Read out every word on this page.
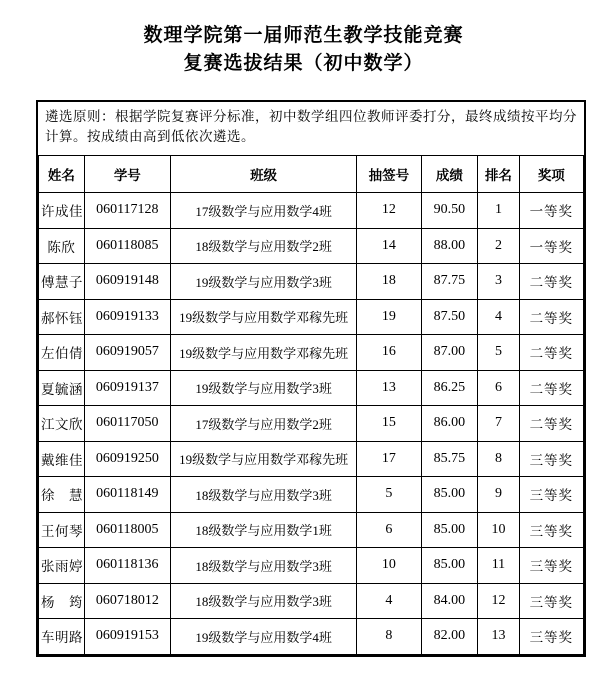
数理学院第一届师范生教学技能竞赛
复赛选拔结果（初中数学）

遴选原则：根据学院复赛评分标准，初中数学组四位教师评委打分，最终成绩按平均分计算。按成绩由高到低依次遴选。

姓名	学号	班级	抽签号	成绩	排名	奖项
许成佳	060117128	17级数学与应用数学4班	12	90.50	1	一等奖
陈欣	060118085	18级数学与应用数学2班	14	88.00	2	一等奖
傅慧子	060919148	19级数学与应用数学3班	18	87.75	3	二等奖
郝怀钰	060919133	19级数学与应用数学邓稼先班	19	87.50	4	二等奖
左伯倩	060919057	19级数学与应用数学邓稼先班	16	87.00	5	二等奖
夏毓涵	060919137	19级数学与应用数学3班	13	86.25	6	二等奖
江文欣	060117050	17级数学与应用数学2班	15	86.00	7	二等奖
戴维佳	060919250	19级数学与应用数学邓稼先班	17	85.75	8	三等奖
徐　慧	060118149	18级数学与应用数学3班	5	85.00	9	三等奖
王何琴	060118005	18级数学与应用数学1班	6	85.00	10	三等奖
张雨婷	060118136	18级数学与应用数学3班	10	85.00	11	三等奖
杨　筠	060718012	18级数学与应用数学3班	4	84.00	12	三等奖
车明路	060919153	19级数学与应用数学4班	8	82.00	13	三等奖
